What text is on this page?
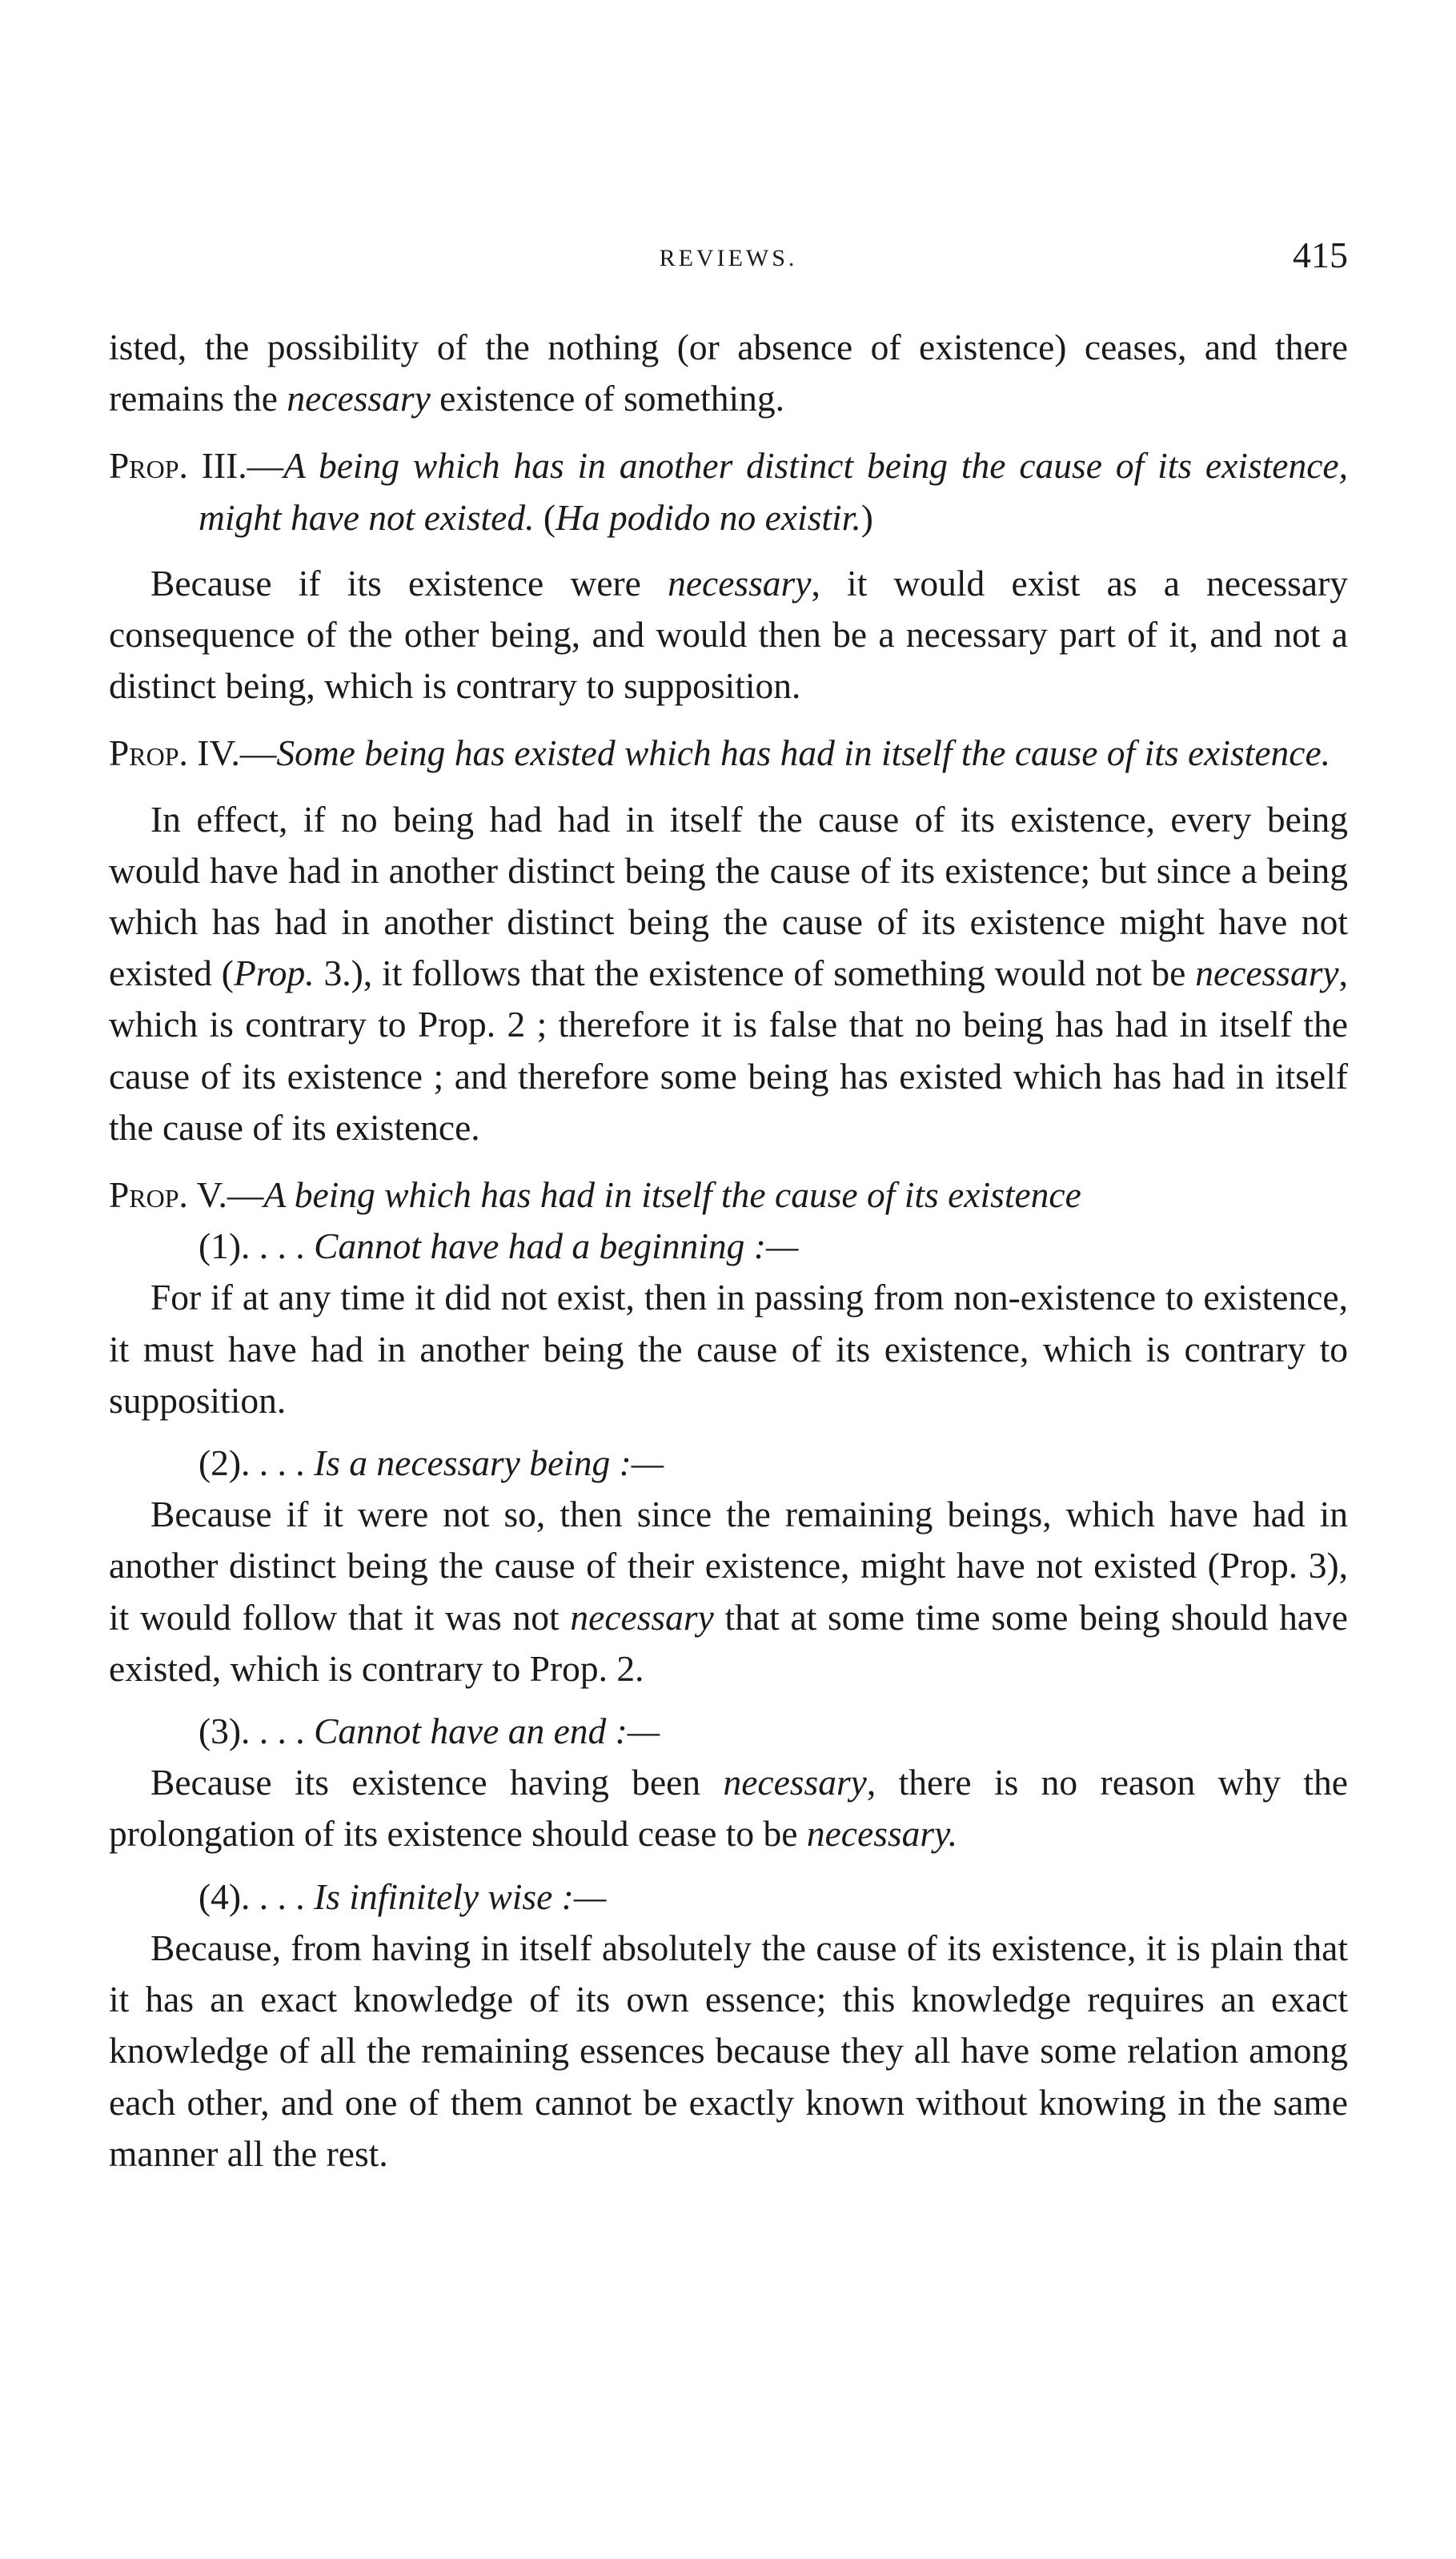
REVIEWS.	415

isted, the possibility of the nothing (or absence of existence) ceases, and there remains the necessary existence of something.

Prop. III.—A being which has in another distinct being the cause of its existence, might have not existed. (Ha podido no existir.)

Because if its existence were necessary, it would exist as a necessary consequence of the other being, and would then be a necessary part of it, and not a distinct being, which is contrary to supposition.

Prop. IV.—Some being has existed which has had in itself the cause of its existence.

In effect, if no being had had in itself the cause of its existence, every being would have had in another distinct being the cause of its existence; but since a being which has had in another distinct being the cause of its existence might have not existed (Prop. 3.), it follows that the existence of something would not be necessary, which is contrary to Prop. 2 ; therefore it is false that no being has had in itself the cause of its existence ; and therefore some being has existed which has had in itself the cause of its existence.

Prop. V.—A being which has had in itself the cause of its existence

(1). . . . Cannot have had a beginning :—

For if at any time it did not exist, then in passing from non-existence to existence, it must have had in another being the cause of its existence, which is contrary to supposition.

(2). . . . Is a necessary being :—

Because if it were not so, then since the remaining beings, which have had in another distinct being the cause of their existence, might have not existed (Prop. 3), it would follow that it was not necessary that at some time some being should have existed, which is contrary to Prop. 2.

(3). . . . Cannot have an end :—

Because its existence having been necessary, there is no reason why the prolongation of its existence should cease to be necessary.

(4). . . . Is infinitely wise :—

Because, from having in itself absolutely the cause of its existence, it is plain that it has an exact knowledge of its own essence; this knowledge requires an exact knowledge of all the remaining essences because they all have some relation among each other, and one of them cannot be exactly known without knowing in the same manner all the rest.
